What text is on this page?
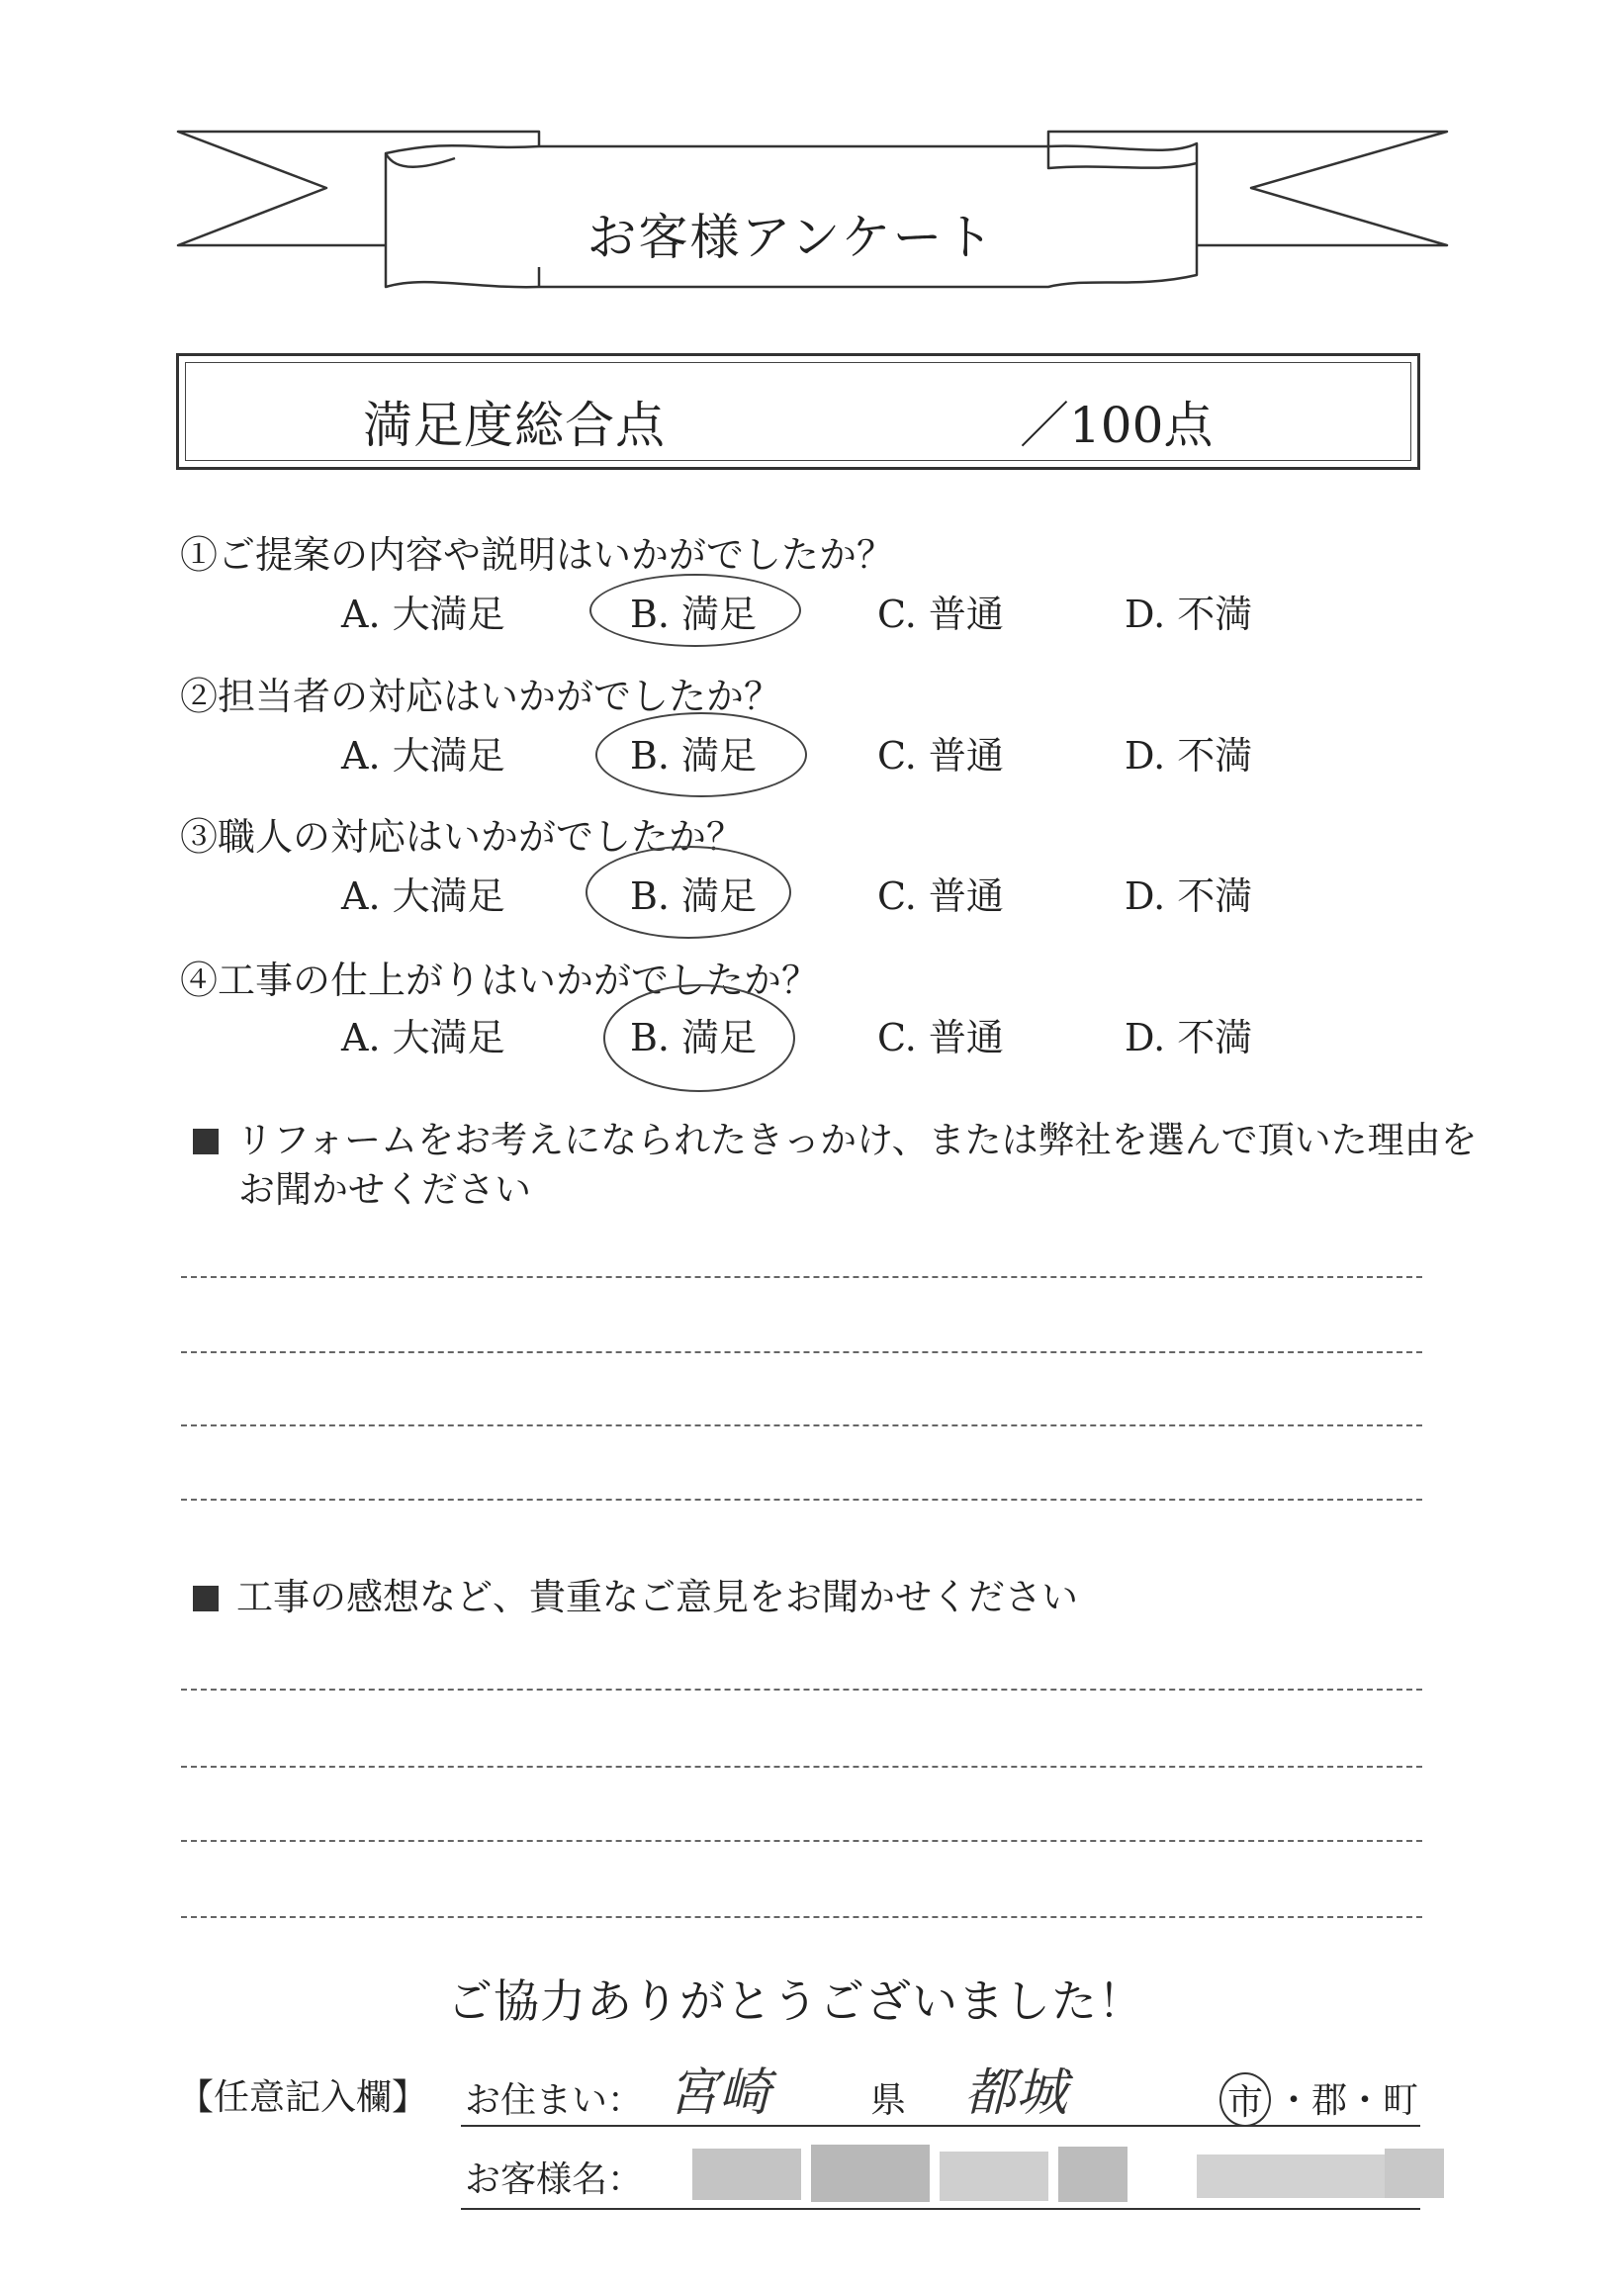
お客様アンケート
満足度総合点	／100点
①ご提案の内容や説明はいかがでしたか？
A. 大満足	B. 満足	C. 普通	D. 不満
②担当者の対応はいかがでしたか？
A. 大満足	B. 満足	C. 普通	D. 不満
③職人の対応はいかがでしたか？
A. 大満足	B. 満足	C. 普通	D. 不満
④工事の仕上がりはいかがでしたか？
A. 大満足	B. 満足	C. 普通	D. 不満
リフォームをお考えになられたきっかけ、または弊社を選んで頂いた理由を
お聞かせください
工事の感想など、貴重なご意見をお聞かせください
ご協力ありがとうございました！
【任意記入欄】 お住まい： 宮崎	県 都城	市 ・郡・町
お客様名：
